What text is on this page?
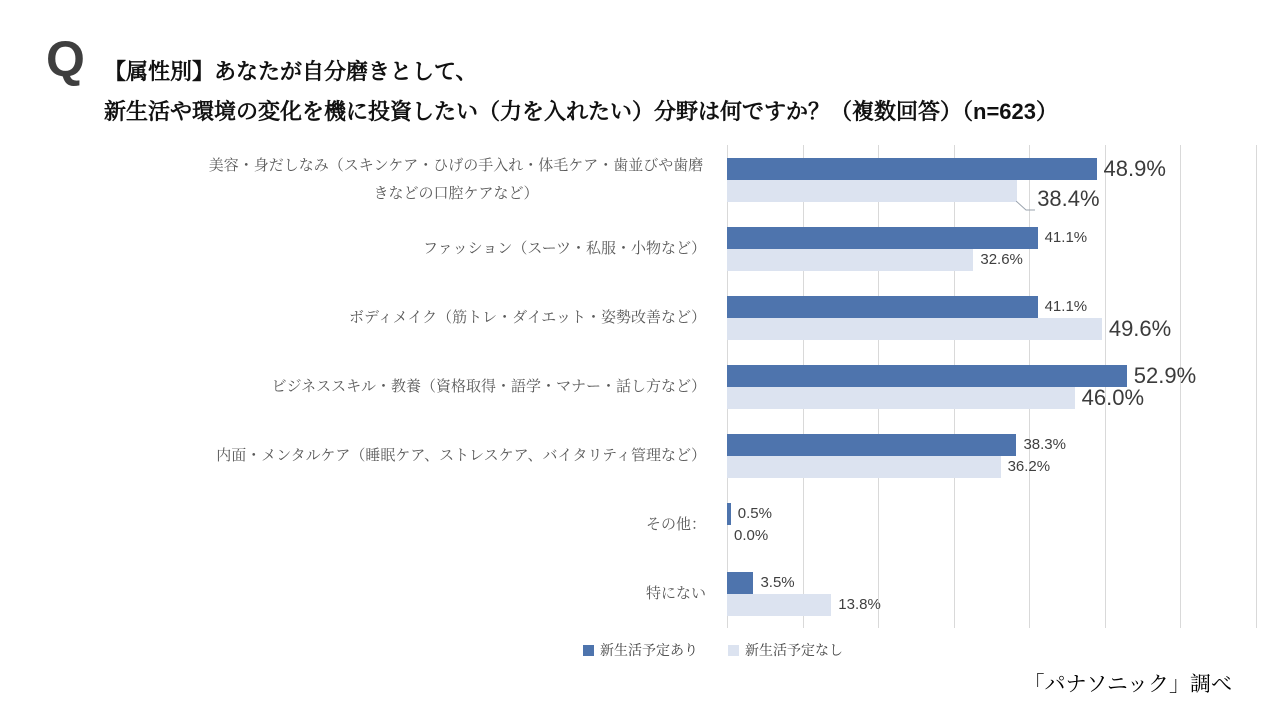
Q 【属性別】あなたが自分磨きとして、
新生活や環境の変化を機に投資したい（力を入れたい）分野は何ですか？（複数回答）（n=623）
美容・身だしなみ（スキンケア・ひげの手入れ・体毛ケア・歯並びや歯磨きなどの口腔ケアなど）
48.9%
38.4%
ファッション（スーツ・私服・小物など）
41.1%
32.6%
ボディメイク（筋トレ・ダイエット・姿勢改善など）
41.1%
49.6%
ビジネススキル・教養（資格取得・語学・マナー・話し方など）	52.9%
46.0%
内面・メンタルケア（睡眠ケア、ストレスケア、バイタリティ管理など）
38.3%
36.2%
その他：
0.5%
0.0%
特にない
3.5%
13.8%
新生活予定あり	新生活予定なし
「パナソニック」調べ
